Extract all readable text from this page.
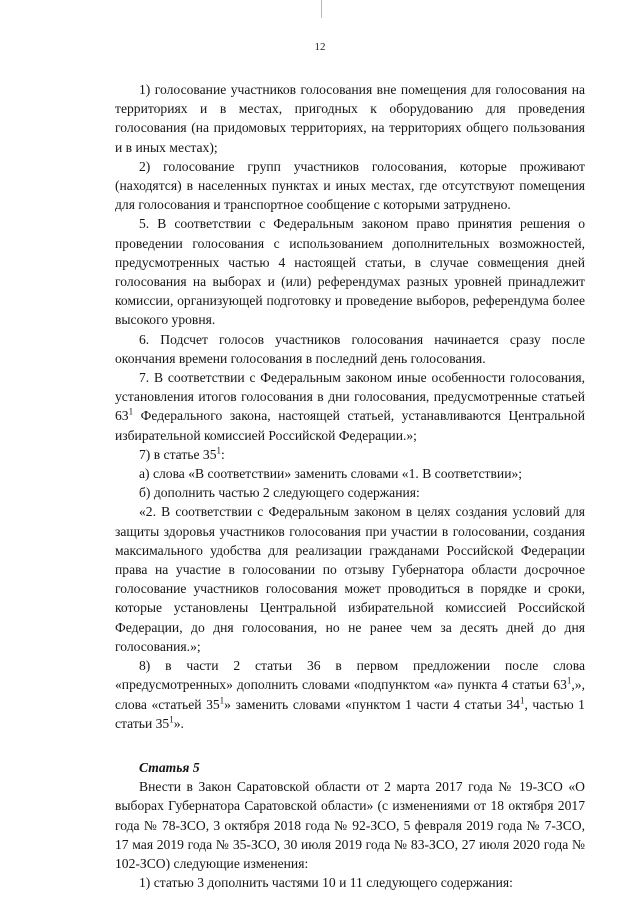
12

1) голосование участников голосования вне помещения для голосования на территориях и в местах, пригодных к оборудованию для проведения голосования (на придомовых территориях, на территориях общего пользования и в иных местах);

2) голосование групп участников голосования, которые проживают (находятся) в населенных пунктах и иных местах, где отсутствуют помещения для голосования и транспортное сообщение с которыми затруднено.

5. В соответствии с Федеральным законом право принятия решения о проведении голосования с использованием дополнительных возможностей, предусмотренных частью 4 настоящей статьи, в случае совмещения дней голосования на выборах и (или) референдумах разных уровней принадлежит комиссии, организующей подготовку и проведение выборов, референдума более высокого уровня.

6. Подсчет голосов участников голосования начинается сразу после окончания времени голосования в последний день голосования.

7. В соответствии с Федеральным законом иные особенности голосования, установления итогов голосования в дни голосования, предусмотренные статьей $63^1$ Федерального закона, настоящей статьей, устанавливаются Центральной избирательной комиссией Российской Федерации.»;

7) в статье $35^1$:

а) слова «В соответствии» заменить словами «1. В соответствии»;

б) дополнить частью 2 следующего содержания:

«2. В соответствии с Федеральным законом в целях создания условий для защиты здоровья участников голосования при участии в голосовании, создания максимального удобства для реализации гражданами Российской Федерации права на участие в голосовании по отзыву Губернатора области досрочное голосование участников голосования может проводиться в порядке и сроки, которые установлены Центральной избирательной комиссией Российской Федерации, до дня голосования, но не ранее чем за десять дней до дня голосования.»;

8) в части 2 статьи 36 в первом предложении после слова «предусмотренных» дополнить словами «подпунктом «а» пункта 4 статьи $63^1$,», слова «статьей $35^1$» заменить словами «пунктом 1 части 4 статьи $34^1$, частью 1 статьи $35^1$».

Статья 5

Внести в Закон Саратовской области от 2 марта 2017 года № 19-ЗСО «О выборах Губернатора Саратовской области» (с изменениями от 18 октября 2017 года № 78-ЗСО, 3 октября 2018 года № 92-ЗСО, 5 февраля 2019 года № 7-ЗСО, 17 мая 2019 года № 35-ЗСО, 30 июля 2019 года № 83-ЗСО, 27 июля 2020 года № 102-ЗСО) следующие изменения:

1) статью 3 дополнить частями 10 и 11 следующего содержания:
